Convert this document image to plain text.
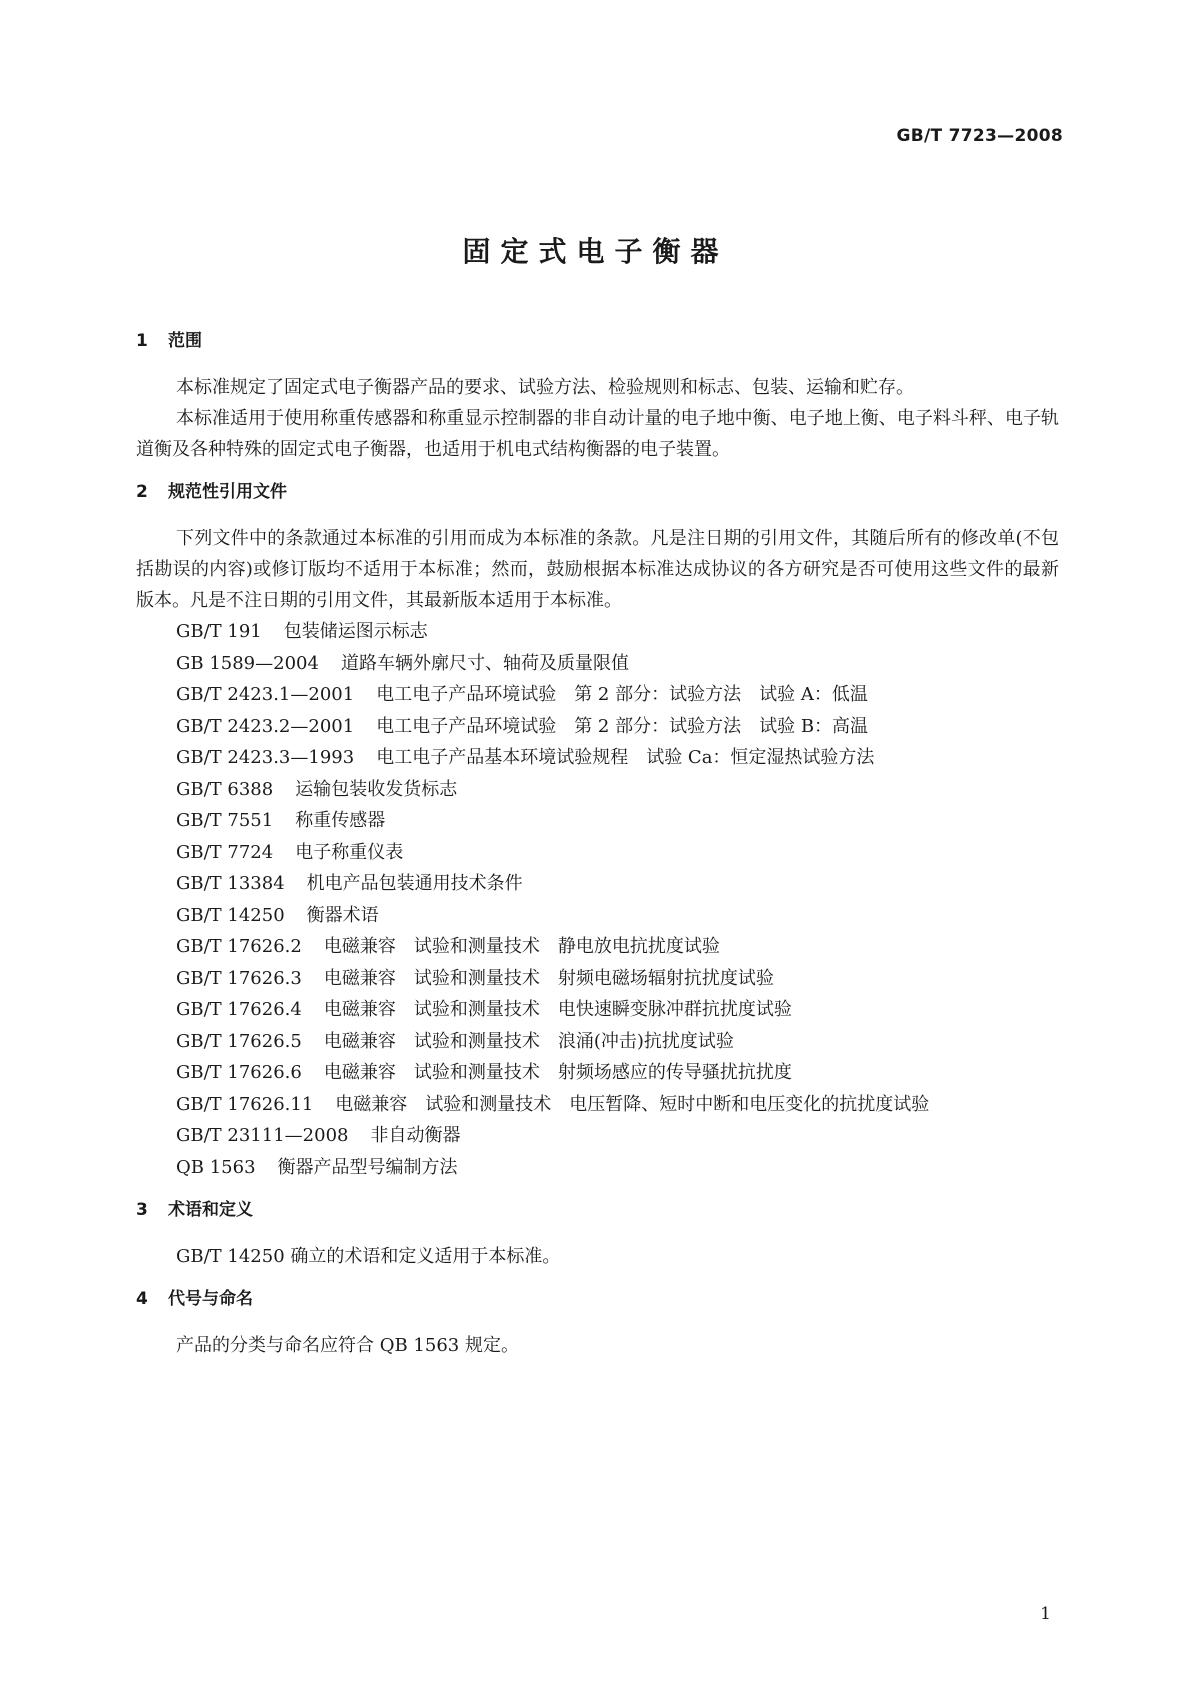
GB/T 7723—2008
固定式电子衡器
1 范围

本标准规定了固定式电子衡器产品的要求、试验方法、检验规则和标志、包装、运输和贮存。

本标准适用于使用称重传感器和称重显示控制器的非自动计量的电子地中衡、电子地上衡、电子料斗秤、电子轨道衡及各种特殊的固定式电子衡器，也适用于机电式结构衡器的电子装置。

2 规范性引用文件

下列文件中的条款通过本标准的引用而成为本标准的条款。凡是注日期的引用文件，其随后所有的修改单(不包括勘误的内容)或修订版均不适用于本标准；然而，鼓励根据本标准达成协议的各方研究是否可使用这些文件的最新版本。凡是不注日期的引用文件，其最新版本适用于本标准。

GB/T 191 包装储运图示标志
GB 1589—2004 道路车辆外廓尺寸、轴荷及质量限值
GB/T 2423.1—2001 电工电子产品环境试验　第 2 部分：试验方法　试验 A：低温
GB/T 2423.2—2001 电工电子产品环境试验　第 2 部分：试验方法　试验 B：高温
GB/T 2423.3—1993 电工电子产品基本环境试验规程　试验 Ca：恒定湿热试验方法
GB/T 6388 运输包装收发货标志
GB/T 7551 称重传感器
GB/T 7724 电子称重仪表
GB/T 13384 机电产品包装通用技术条件
GB/T 14250 衡器术语
GB/T 17626.2 电磁兼容　试验和测量技术　静电放电抗扰度试验
GB/T 17626.3 电磁兼容　试验和测量技术　射频电磁场辐射抗扰度试验
GB/T 17626.4 电磁兼容　试验和测量技术　电快速瞬变脉冲群抗扰度试验
GB/T 17626.5 电磁兼容　试验和测量技术　浪涌(冲击)抗扰度试验
GB/T 17626.6 电磁兼容　试验和测量技术　射频场感应的传导骚扰抗扰度
GB/T 17626.11 电磁兼容　试验和测量技术　电压暂降、短时中断和电压变化的抗扰度试验
GB/T 23111—2008 非自动衡器
QB 1563 衡器产品型号编制方法
3 术语和定义

GB/T 14250 确立的术语和定义适用于本标准。

4 代号与命名

产品的分类与命名应符合 QB 1563 规定。

1
